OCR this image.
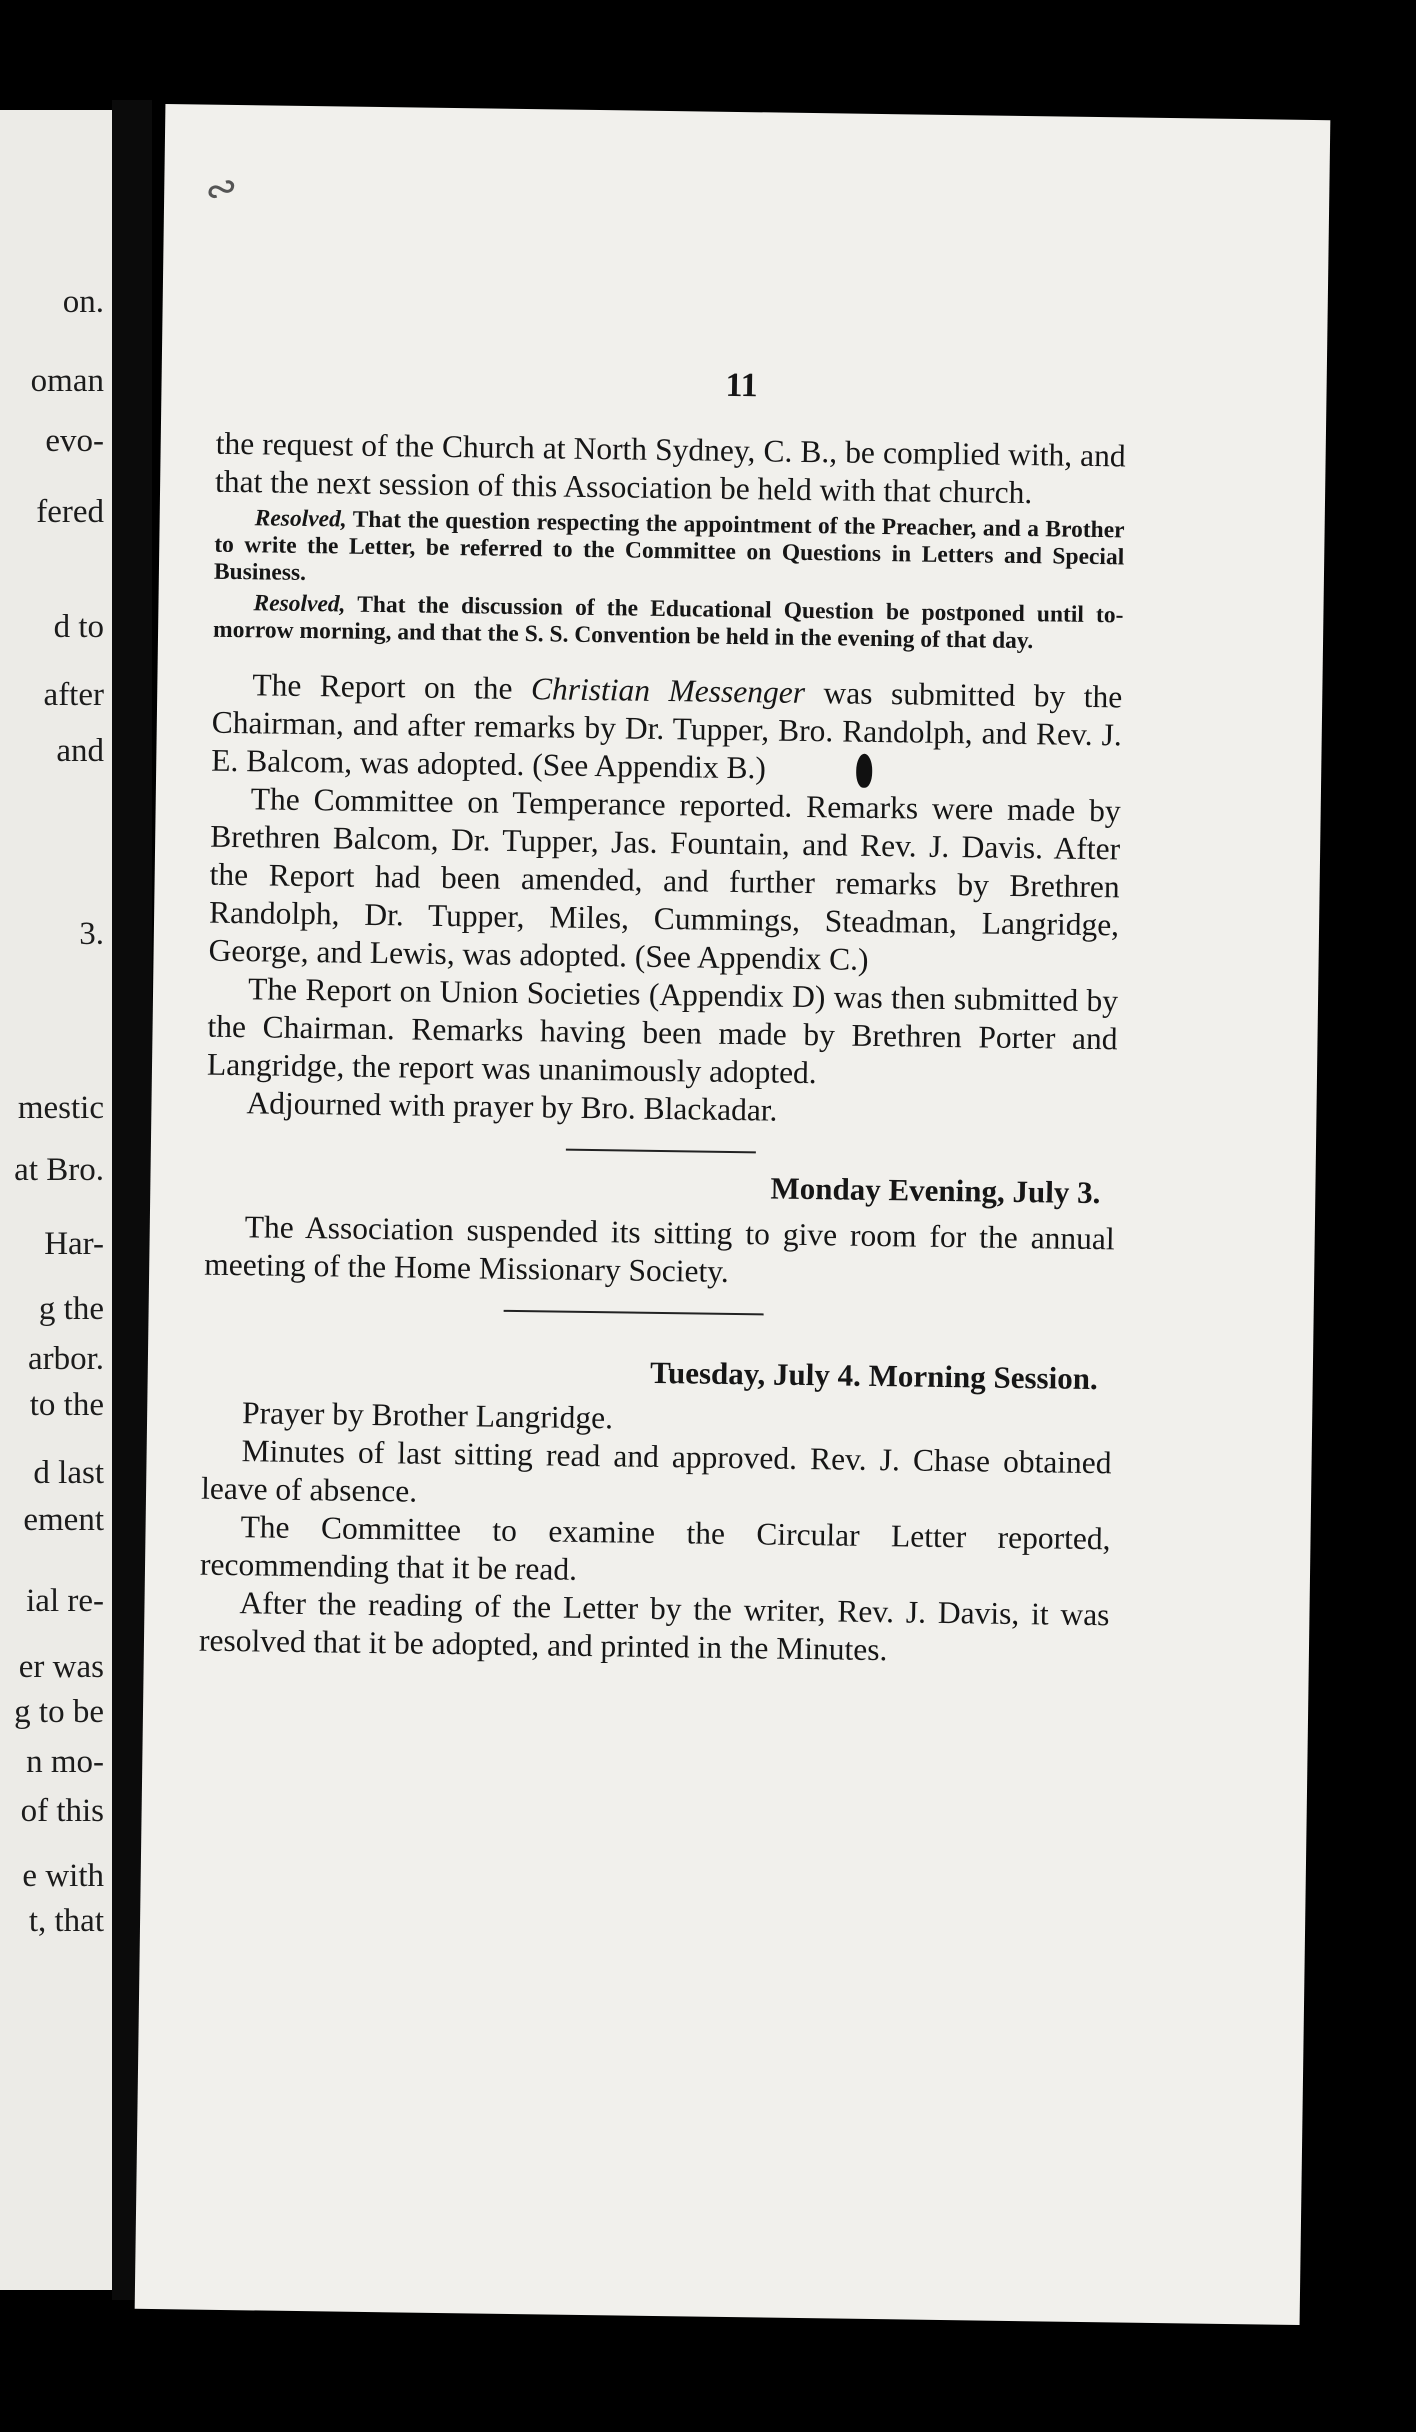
on.
oman
evo-
fered
d to
after
and
3.
mestic
at Bro.
Har-
g the
arbor.
to the
d last
ement
ial re-
er was
g to be
n mo-
of this
e with
t, that
∾
11

the request of the Church at North Sydney, C. B., be complied with, and that the next session of this Association be held with that church.

Resolved, That the question respecting the appointment of the Preacher, and a Brother to write the Letter, be referred to the Committee on Questions in Letters and Special Business.

Resolved, That the discussion of the Educational Question be postponed until to-morrow morning, and that the S. S. Convention be held in the evening of that day.

The Report on the Christian Messenger was submitted by the Chairman, and after remarks by Dr. Tupper, Bro. Randolph, and Rev. J. E. Balcom, was adopted. (See Appendix B.)

The Committee on Temperance reported. Remarks were made by Brethren Balcom, Dr. Tupper, Jas. Fountain, and Rev. J. Davis. After the Report had been amended, and further remarks by Brethren Randolph, Dr. Tupper, Miles, Cummings, Steadman, Langridge, George, and Lewis, was adopted. (See Appendix C.)

The Report on Union Societies (Appendix D) was then submitted by the Chairman. Remarks having been made by Brethren Porter and Langridge, the report was unanimously adopted.

Adjourned with prayer by Bro. Blackadar.

Monday Evening, July 3.

The Association suspended its sitting to give room for the annual meeting of the Home Missionary Society.

Tuesday, July 4. Morning Session.

Prayer by Brother Langridge.

Minutes of last sitting read and approved. Rev. J. Chase obtained leave of absence.

The Committee to examine the Circular Letter reported, recommending that it be read.

After the reading of the Letter by the writer, Rev. J. Davis, it was resolved that it be adopted, and printed in the Minutes.
